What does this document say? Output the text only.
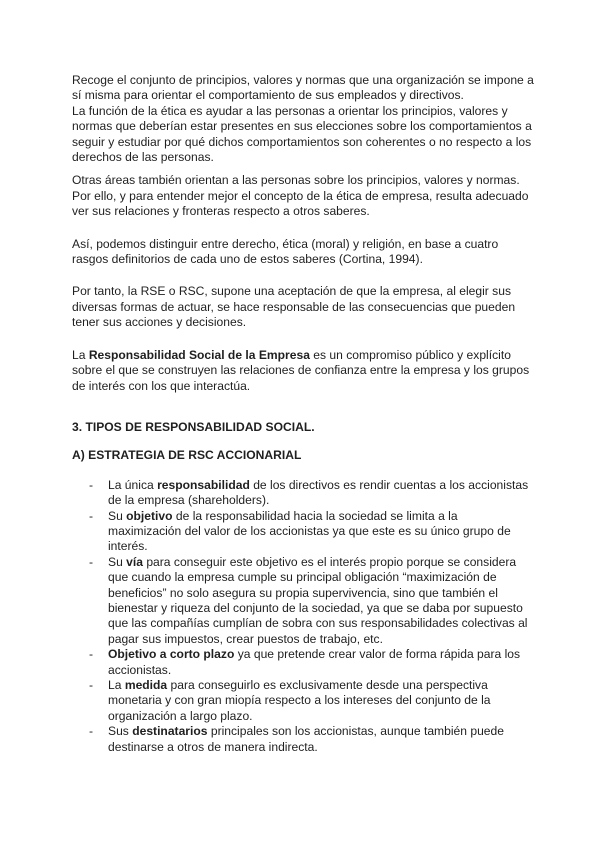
Recoge el conjunto de principios, valores y normas que una organización se impone a sí misma para orientar el comportamiento de sus empleados y directivos.

La función de la ética es ayudar a las personas a orientar los principios, valores y normas que deberían estar presentes en sus elecciones sobre los comportamientos a seguir y estudiar por qué dichos comportamientos son coherentes o no respecto a los derechos de las personas.

Otras áreas también orientan a las personas sobre los principios, valores y normas. Por ello, y para entender mejor el concepto de la ética de empresa, resulta adecuado ver sus relaciones y fronteras respecto a otros saberes.

Así, podemos distinguir entre derecho, ética (moral) y religión, en base a cuatro rasgos definitorios de cada uno de estos saberes (Cortina, 1994).

Por tanto, la RSE o RSC, supone una aceptación de que la empresa, al elegir sus diversas formas de actuar, se hace responsable de las consecuencias que pueden tener sus acciones y decisiones.

La Responsabilidad Social de la Empresa es un compromiso público y explícito sobre el que se construyen las relaciones de confianza entre la empresa y los grupos de interés con los que interactúa.

3. TIPOS DE RESPONSABILIDAD SOCIAL.

A) ESTRATEGIA DE RSC ACCIONARIAL

- La única responsabilidad de los directivos es rendir cuentas a los accionistas de la empresa (shareholders).
- Su objetivo de la responsabilidad hacia la sociedad se limita a la maximización del valor de los accionistas ya que este es su único grupo de interés.
- Su vía para conseguir este objetivo es el interés propio porque se considera que cuando la empresa cumple su principal obligación “maximización de beneficios” no solo asegura su propia supervivencia, sino que también el bienestar y riqueza del conjunto de la sociedad, ya que se daba por supuesto que las compañías cumplían de sobra con sus responsabilidades colectivas al pagar sus impuestos, crear puestos de trabajo, etc.
- Objetivo a corto plazo ya que pretende crear valor de forma rápida para los accionistas.
- La medida para conseguirlo es exclusivamente desde una perspectiva monetaria y con gran miopía respecto a los intereses del conjunto de la organización a largo plazo.
- Sus destinatarios principales son los accionistas, aunque también puede destinarse a otros de manera indirecta.
